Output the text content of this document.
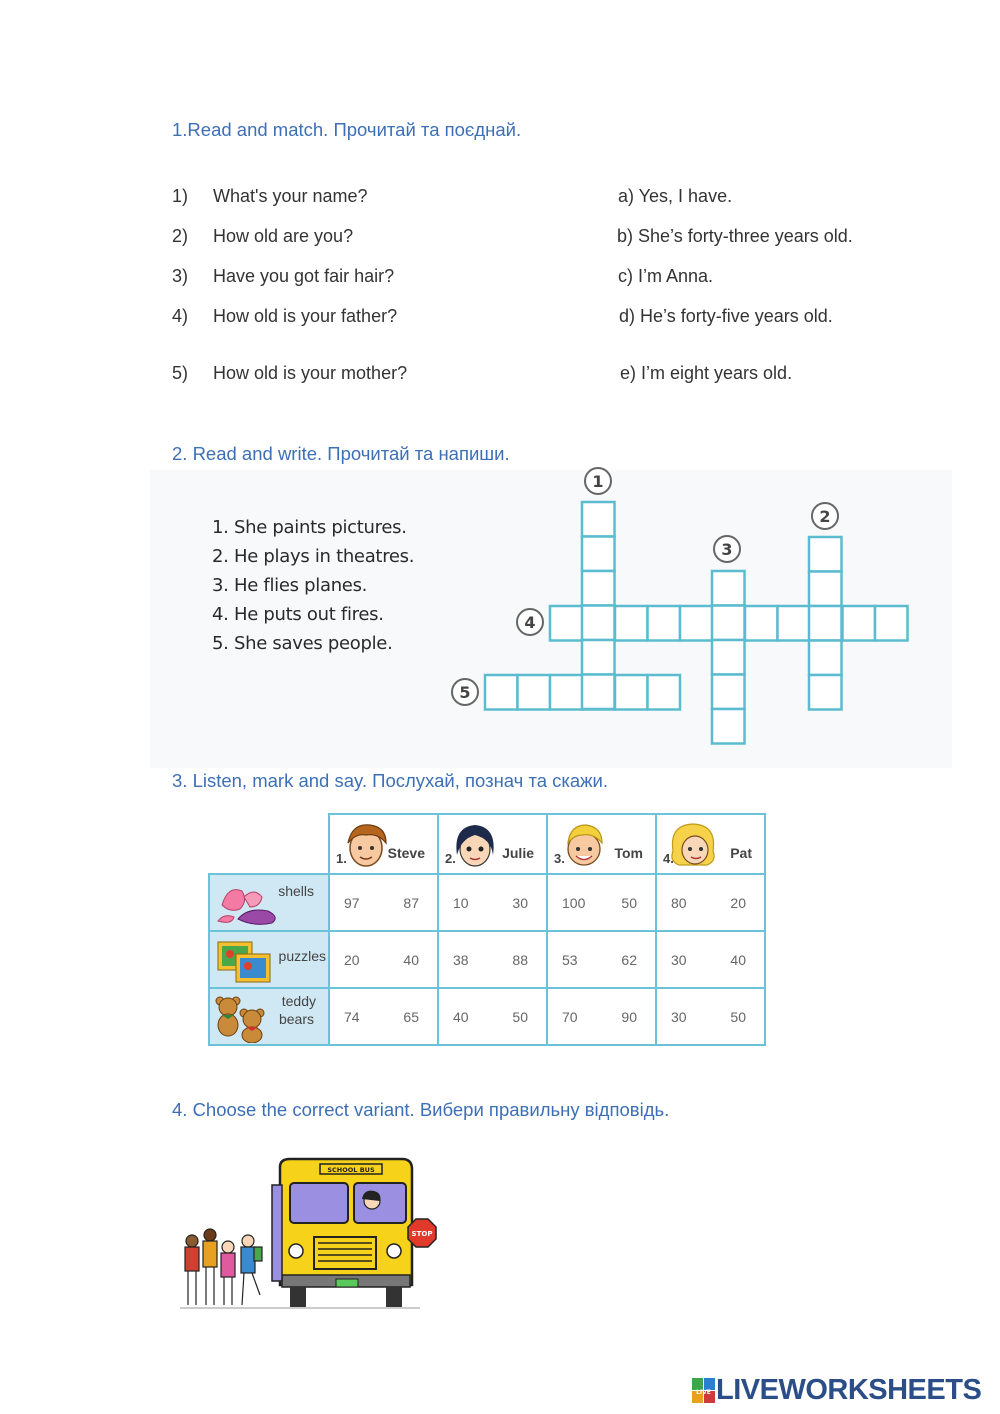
1.Read and match. Прочитай та поєднай.
1) What's your name?
2) How old are you?
3) Have you got fair hair?
4) How old is your father?
5) How old is your mother?
a) Yes, I have.
b) She’s forty-three years old.
c) I’m Anna.
d) He’s forty-five years old.
e) I’m eight years old.
2. Read and write. Прочитай та напиши.
1. She paints pictures.
2. He plays in theatres.
3. He flies planes.
4. He puts out fires.
5. She saves people.
1
2
3
4
5
3. Listen, mark and say. Послухай, познач та скажи.

	1. Steve	2. Julie	3. Tom	4. Pat

shells	97 87	10 30	100 50	80 20

puzzles	20 40	38 88	53 62	30 40

teddy
bears	74 65	40 50	70 90	30 50
4. Choose the correct variant. Вибери правильну відповідь.
SCHOOL BUS
STOP
LIVE LIVEWORKSHEETS
